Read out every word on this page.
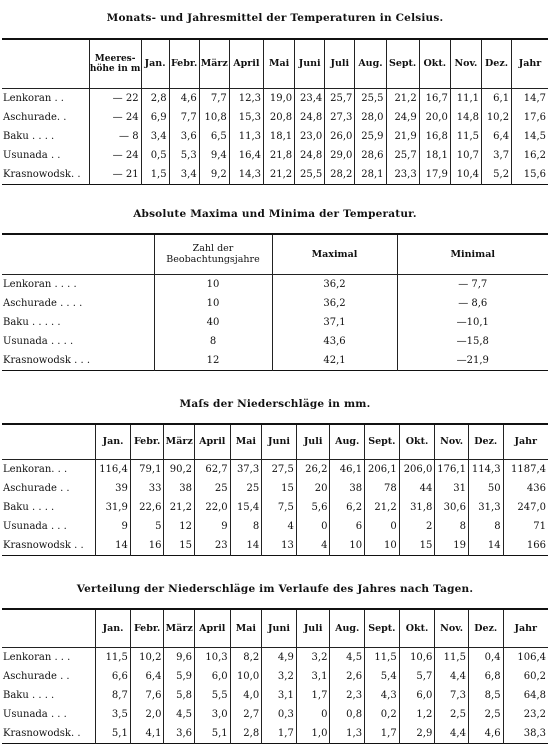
Monats- und Jahresmittel der Temperaturen in Celsius.
	Meeres-höhe in m	Jan.	Febr.	März	April	Mai	Juni	Juli	Aug.	Sept.	Okt.	Nov.	Dez.	Jahr
Lenkoran . .	— 22	2,8	4,6	7,7	12,3	19,0	23,4	25,7	25,5	21,2	16,7	11,1	6,1	14,7
Aschurade. .	— 24	6,9	7,7	10,8	15,3	20,8	24,8	27,3	28,0	24,9	20,0	14,8	10,2	17,6
Baku . . . .	— 8	3,4	3,6	6,5	11,3	18,1	23,0	26,0	25,9	21,9	16,8	11,5	6,4	14,5
Usunada . .	— 24	0,5	5,3	9,4	16,4	21,8	24,8	29,0	28,6	25,7	18,1	10,7	3,7	16,2
Krasnowodsk. .	— 21	1,5	3,4	9,2	14,3	21,2	25,5	28,2	28,1	23,3	17,9	10,4	5,2	15,6
Absolute Maxima und Minima der Temperatur.
	Zahl der Beobachtungsjahre	Maximal	Minimal
Lenkoran . . . .	10	36,2	— 7,7
Aschurade . . . .	10	36,2	— 8,6
Baku . . . . .	40	37,1	—10,1
Usunada . . . .	8	43,6	—15,8
Krasnowodsk . . .	12	42,1	—21,9
Maſs der Niederschläge in mm.
	Jan.	Febr.	März	April	Mai	Juni	Juli	Aug.	Sept.	Okt.	Nov.	Dez.	Jahr
Lenkoran. . .	116,4	79,1	90,2	62,7	37,3	27,5	26,2	46,1	206,1	206,0	176,1	114,3	1187,4
Aschurade . .	39	33	38	25	25	15	20	38	78	44	31	50	436
Baku . . . .	31,9	22,6	21,2	22,0	15,4	7,5	5,6	6,2	21,2	31,8	30,6	31,3	247,0
Usunada . . .	9	5	12	9	8	4	0	6	0	2	8	8	71
Krasnowodsk . .	14	16	15	23	14	13	4	10	10	15	19	14	166
Verteilung der Niederschläge im Verlaufe des Jahres nach Tagen.
	Jan.	Febr.	März	April	Mai	Juni	Juli	Aug.	Sept.	Okt.	Nov.	Dez.	Jahr
Lenkoran . . .	11,5	10,2	9,6	10,3	8,2	4,9	3,2	4,5	11,5	10,6	11,5	0,4	106,4
Aschurade . .	6,6	6,4	5,9	6,0	10,0	3,2	3,1	2,6	5,4	5,7	4,4	6,8	60,2
Baku . . . .	8,7	7,6	5,8	5,5	4,0	3,1	1,7	2,3	4,3	6,0	7,3	8,5	64,8
Usunada . . .	3,5	2,0	4,5	3,0	2,7	0,3	0	0,8	0,2	1,2	2,5	2,5	23,2
Krasnowodsk. .	5,1	4,1	3,6	5,1	2,8	1,7	1,0	1,3	1,7	2,9	4,4	4,6	38,3
